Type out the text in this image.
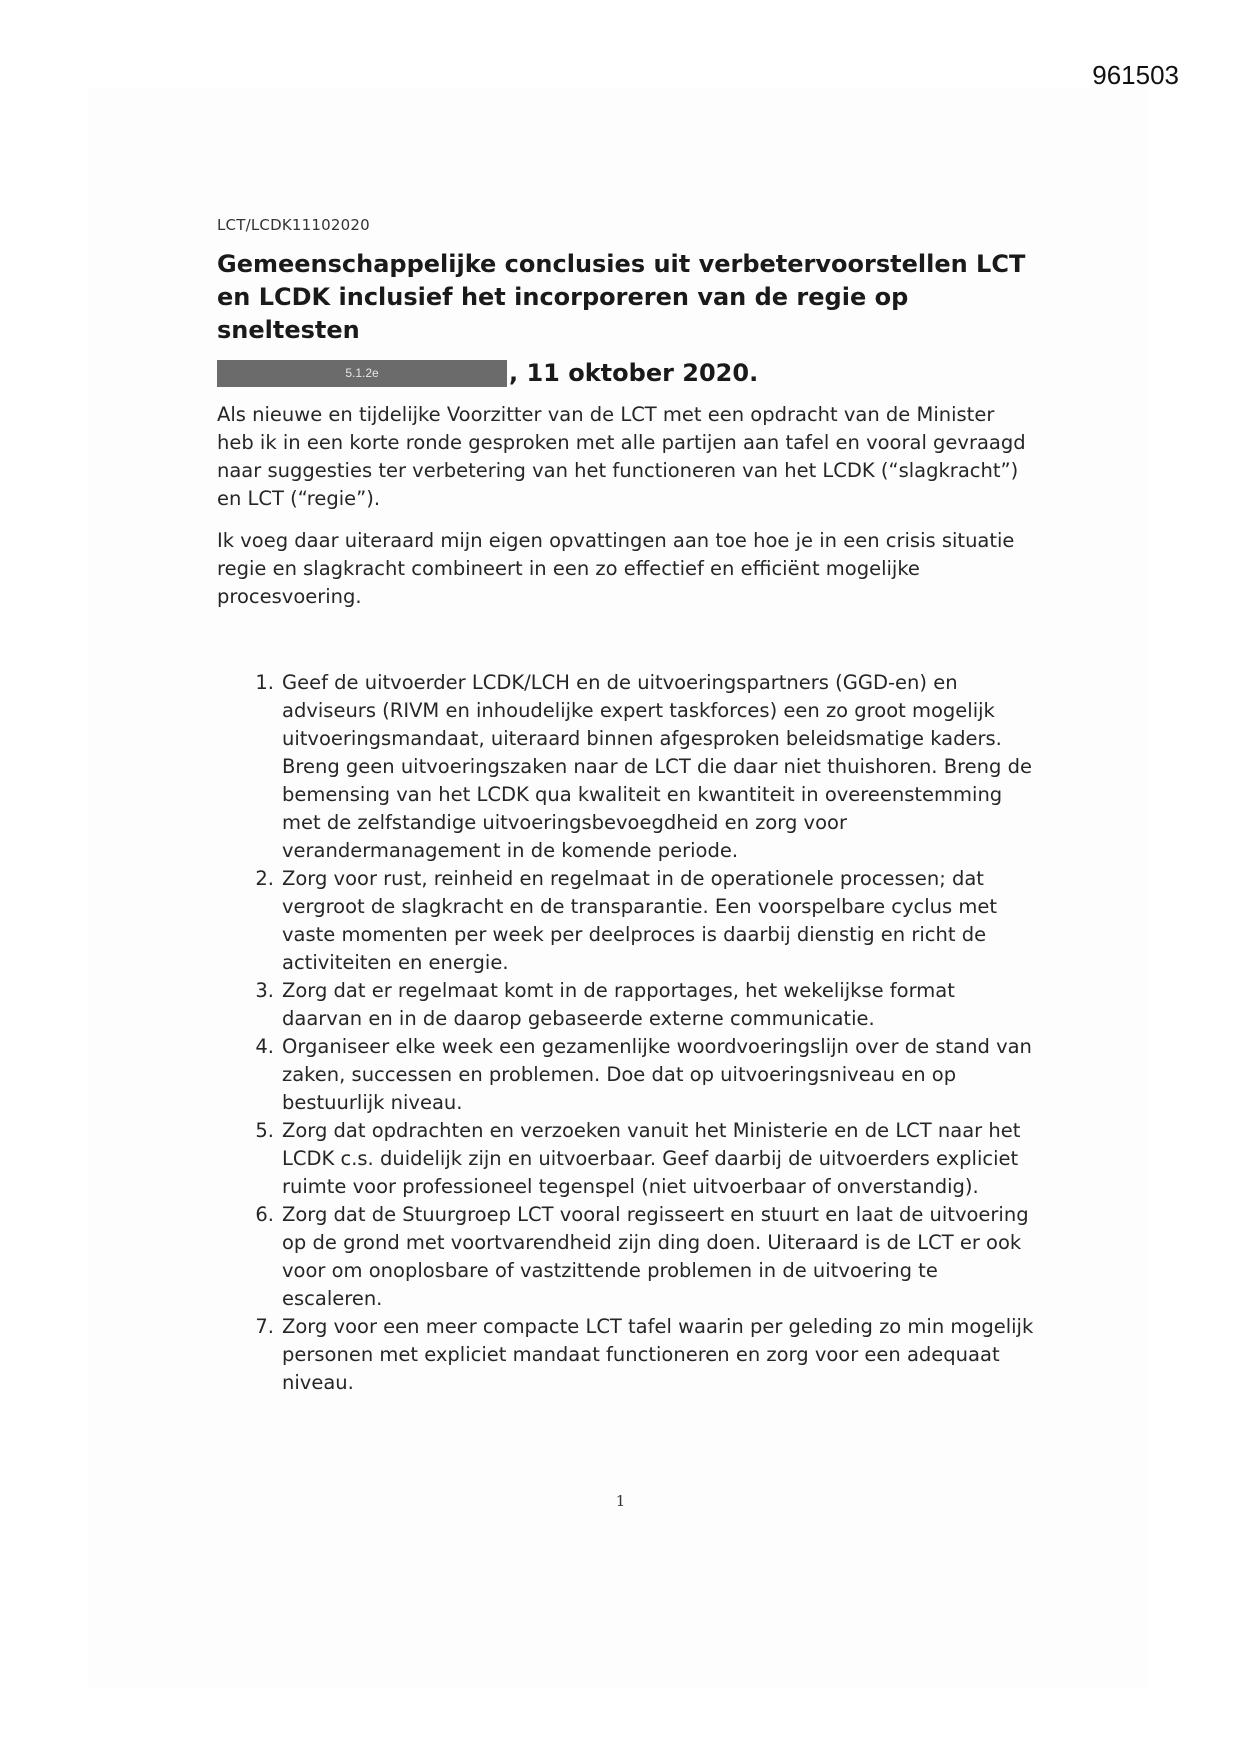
961503
LCT/LCDK11102020
Gemeenschappelijke conclusies uit verbetervoorstellen LCT en LCDK inclusief het incorporeren van de regie op sneltesten
5.1.2e	, 11 oktober 2020.

Als nieuwe en tijdelijke Voorzitter van de LCT met een opdracht van de Minister heb ik in een korte ronde gesproken met alle partijen aan tafel en vooral gevraagd naar suggesties ter verbetering van het functioneren van het LCDK (“slagkracht”) en LCT (“regie”).

Ik voeg daar uiteraard mijn eigen opvattingen aan toe hoe je in een crisis situatie regie en slagkracht combineert in een zo effectief en efficiënt mogelijke procesvoering.

1. Geef de uitvoerder LCDK/LCH en de uitvoeringspartners (GGD-en) en adviseurs (RIVM en inhoudelijke expert taskforces) een zo groot mogelijk uitvoeringsmandaat, uiteraard binnen afgesproken beleidsmatige kaders. Breng geen uitvoeringszaken naar de LCT die daar niet thuishoren. Breng de bemensing van het LCDK qua kwaliteit en kwantiteit in overeenstemming met de zelfstandige uitvoeringsbevoegdheid en zorg voor verandermanagement in de komende periode.
2. Zorg voor rust, reinheid en regelmaat in de operationele processen; dat vergroot de slagkracht en de transparantie. Een voorspelbare cyclus met vaste momenten per week per deelproces is daarbij dienstig en richt de activiteiten en energie.
3. Zorg dat er regelmaat komt in de rapportages, het wekelijkse format daarvan en in de daarop gebaseerde externe communicatie.
4. Organiseer elke week een gezamenlijke woordvoeringslijn over de stand van zaken, successen en problemen. Doe dat op uitvoeringsniveau en op bestuurlijk niveau.
5. Zorg dat opdrachten en verzoeken vanuit het Ministerie en de LCT naar het LCDK c.s. duidelijk zijn en uitvoerbaar. Geef daarbij de uitvoerders expliciet ruimte voor professioneel tegenspel (niet uitvoerbaar of onverstandig).
6. Zorg dat de Stuurgroep LCT vooral regisseert en stuurt en laat de uitvoering op de grond met voortvarendheid zijn ding doen. Uiteraard is de LCT er ook voor om onoplosbare of vastzittende problemen in de uitvoering te escaleren.
7. Zorg voor een meer compacte LCT tafel waarin per geleding zo min mogelijk personen met expliciet mandaat functioneren en zorg voor een adequaat niveau.
1
